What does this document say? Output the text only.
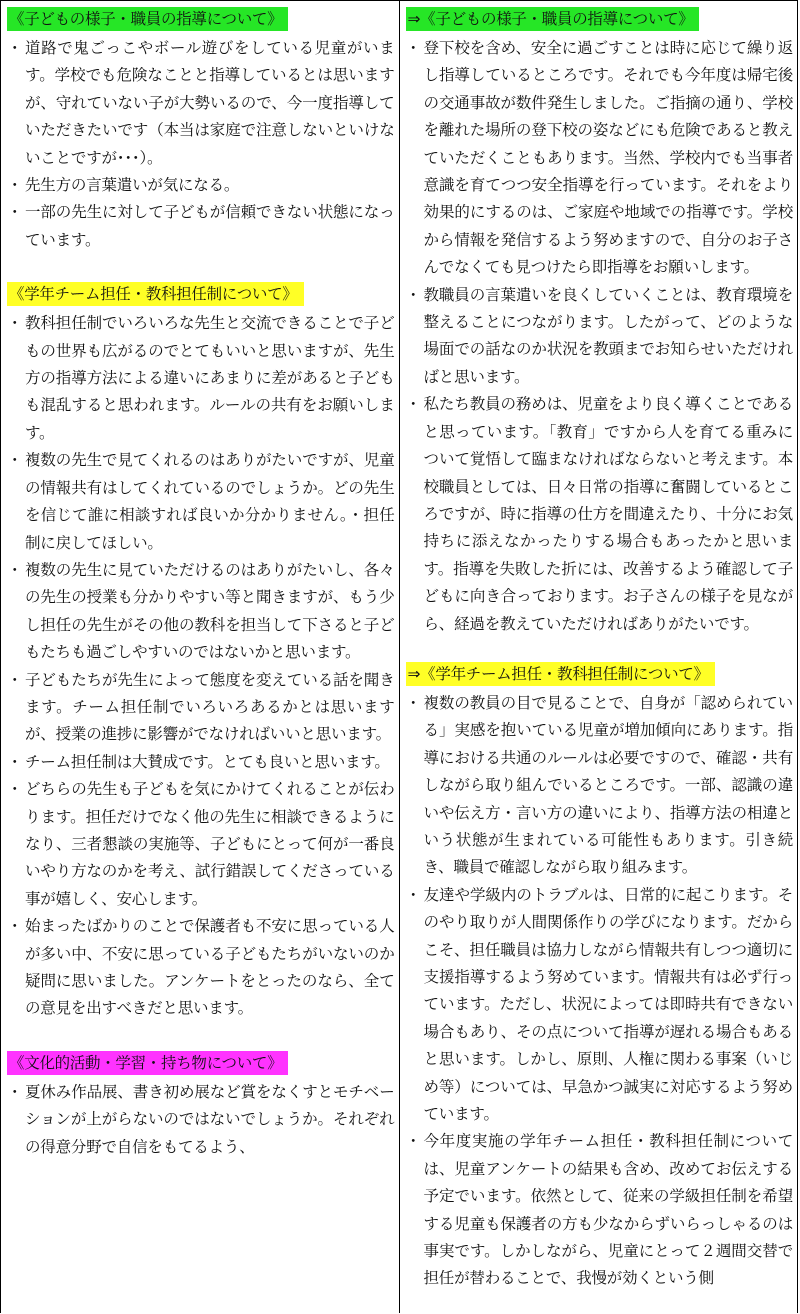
《子どもの様子・職員の指導について》
・ 道路で鬼ごっこやボール遊びをしている児童がいます。学校でも危険なことと指導しているとは思いますが、守れていない子が大勢いるので、今一度指導していただきたいです（本当は家庭で注意しないといけないことですが･･･）。
・ 先生方の言葉遣いが気になる。
・ 一部の先生に対して子どもが信頼できない状態になっています。
《学年チーム担任・教科担任制について》
・ 教科担任制でいろいろな先生と交流できることで子どもの世界も広がるのでとてもいいと思いますが、先生方の指導方法による違いにあまりに差があると子どもも混乱すると思われます。ルールの共有をお願いします。
・ 複数の先生で見てくれるのはありがたいですが、児童の情報共有はしてくれているのでしょうか。どの先生を信じて誰に相談すれば良いか分かりません。・担任制に戻してほしい。
・ 複数の先生に見ていただけるのはありがたいし、各々の先生の授業も分かりやすい等と聞きますが、もう少し担任の先生がその他の教科を担当して下さると子どもたちも過ごしやすいのではないかと思います。
・ 子どもたちが先生によって態度を変えている話を聞きます。チーム担任制でいろいろあるかとは思いますが、授業の進捗に影響がでなければいいと思います。
・ チーム担任制は大賛成です。とても良いと思います。
・ どちらの先生も子どもを気にかけてくれることが伝わります。担任だけでなく他の先生に相談できるようになり、三者懇談の実施等、子どもにとって何が一番良いやり方なのかを考え、試行錯誤してくださっている事が嬉しく、安心します。
・ 始まったばかりのことで保護者も不安に思っている人が多い中、不安に思っている子どもたちがいないのか疑問に思いました。アンケートをとったのなら、全ての意見を出すべきだと思います。
《文化的活動・学習・持ち物について》
・ 夏休み作品展、書き初め展など賞をなくすとモチベーションが上がらないのではないでしょうか。それぞれの得意分野で自信をもてるよう、
⇒《子どもの様子・職員の指導について》
・ 登下校を含め、安全に過ごすことは時に応じて繰り返し指導しているところです。それでも今年度は帰宅後の交通事故が数件発生しました。ご指摘の通り、学校を離れた場所の登下校の姿などにも危険であると教えていただくこともあります。当然、学校内でも当事者意識を育てつつ安全指導を行っています。それをより効果的にするのは、ご家庭や地域での指導です。学校から情報を発信するよう努めますので、自分のお子さんでなくても見つけたら即指導をお願いします。
・ 教職員の言葉遣いを良くしていくことは、教育環境を整えることにつながります。したがって、どのような場面での話なのか状況を教頭までお知らせいただければと思います。
・ 私たち教員の務めは、児童をより良く導くことであると思っています。「教育」ですから人を育てる重みについて覚悟して臨まなければならないと考えます。本校職員としては、日々日常の指導に奮闘しているところですが、時に指導の仕方を間違えたり、十分にお気持ちに添えなかったりする場合もあったかと思います。指導を失敗した折には、改善するよう確認して子どもに向き合っております。お子さんの様子を見ながら、経過を教えていただければありがたいです。
⇒《学年チーム担任・教科担任制について》
・ 複数の教員の目で見ることで、自身が「認められている」実感を抱いている児童が増加傾向にあります。指導における共通のルールは必要ですので、確認・共有しながら取り組んでいるところです。一部、認識の違いや伝え方・言い方の違いにより、指導方法の相違という状態が生まれている可能性もあります。引き続き、職員で確認しながら取り組みます。
・ 友達や学級内のトラブルは、日常的に起こります。そのやり取りが人間関係作りの学びになります。だからこそ、担任職員は協力しながら情報共有しつつ適切に支援指導するよう努めています。情報共有は必ず行っています。ただし、状況によっては即時共有できない場合もあり、その点について指導が遅れる場合もあると思います。しかし、原則、人権に関わる事案（いじめ等）については、早急かつ誠実に対応するよう努めています。
・ 今年度実施の学年チーム担任・教科担任制については、児童アンケートの結果も含め、改めてお伝えする予定でいます。依然として、従来の学級担任制を希望する児童も保護者の方も少なからずいらっしゃるのは事実です。しかしながら、児童にとって２週間交替で担任が替わることで、我慢が効くという側
